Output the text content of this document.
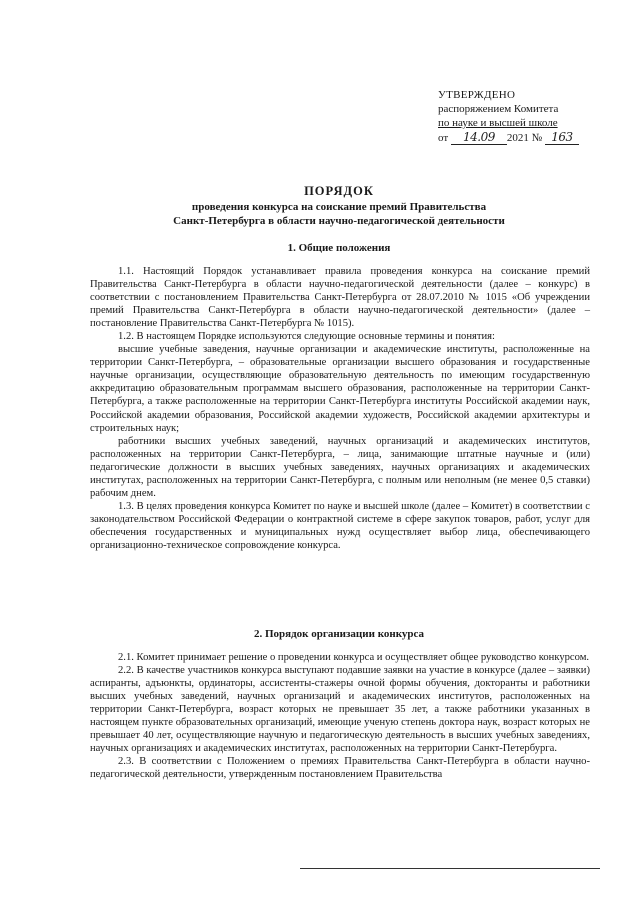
УТВЕРЖДЕНО
распоряжением Комитета
по науке и высшей школе
от 14.09 2021 № 163
ПОРЯДОК
проведения конкурса на соискание премий Правительства
Санкт-Петербурга в области научно-педагогической деятельности
1. Общие положения

1.1. Настоящий Порядок устанавливает правила проведения конкурса на соискание премий Правительства Санкт-Петербурга в области научно-педагогической деятельности (далее – конкурс) в соответствии с постановлением Правительства Санкт-Петербурга от 28.07.2010 № 1015 «Об учреждении премий Правительства Санкт-Петербурга в области научно-педагогической деятельности» (далее – постановление Правительства Санкт-Петербурга № 1015).

1.2. В настоящем Порядке используются следующие основные термины и понятия:

высшие учебные заведения, научные организации и академические институты, расположенные на территории Санкт-Петербурга, – образовательные организации высшего образования и государственные научные организации, осуществляющие образовательную деятельность по имеющим государственную аккредитацию образовательным программам высшего образования, расположенные на территории Санкт-Петербурга, а также расположенные на территории Санкт-Петербурга институты Российской академии наук, Российской академии образования, Российской академии художеств, Российской академии архитектуры и строительных наук;

работники высших учебных заведений, научных организаций и академических институтов, расположенных на территории Санкт-Петербурга, – лица, занимающие штатные научные и (или) педагогические должности в высших учебных заведениях, научных организациях и академических институтах, расположенных на территории Санкт-Петербурга, с полным или неполным (не менее 0,5 ставки) рабочим днем.

1.3. В целях проведения конкурса Комитет по науке и высшей школе (далее – Комитет) в соответствии с законодательством Российской Федерации о контрактной системе в сфере закупок товаров, работ, услуг для обеспечения государственных и муниципальных нужд осуществляет выбор лица, обеспечивающего организационно-техническое сопровождение конкурса.

2. Порядок организации конкурса

2.1. Комитет принимает решение о проведении конкурса и осуществляет общее руководство конкурсом.

2.2. В качестве участников конкурса выступают подавшие заявки на участие в конкурсе (далее – заявки) аспиранты, адъюнкты, ординаторы, ассистенты-стажеры очной формы обучения, докторанты и работники высших учебных заведений, научных организаций и академических институтов, расположенных на территории Санкт-Петербурга, возраст которых не превышает 35 лет, а также работники указанных в настоящем пункте образовательных организаций, имеющие ученую степень доктора наук, возраст которых не превышает 40 лет, осуществляющие научную и педагогическую деятельность в высших учебных заведениях, научных организациях и академических институтах, расположенных на территории Санкт-Петербурга.

2.3. В соответствии с Положением о премиях Правительства Санкт-Петербурга в области научно-педагогической деятельности, утвержденным постановлением Правительства
